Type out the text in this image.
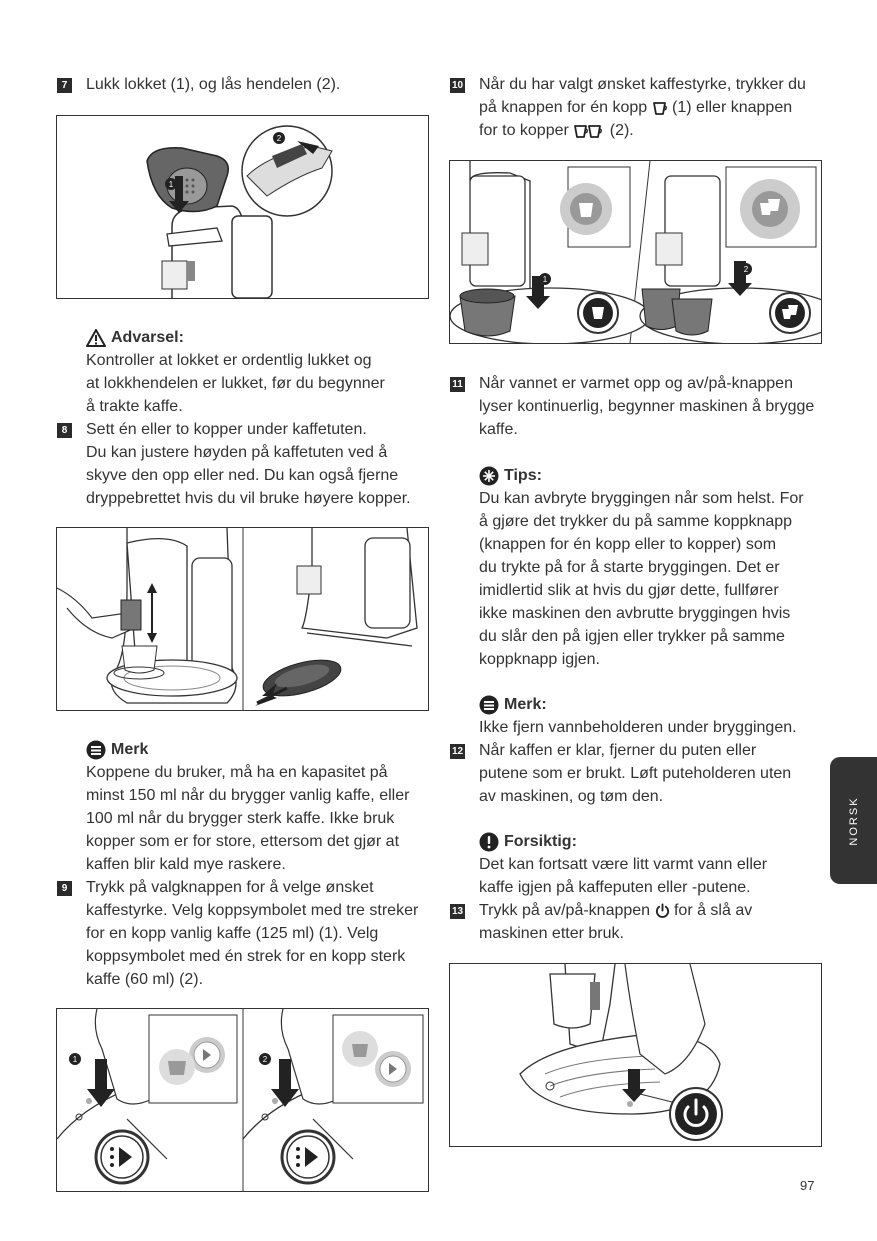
7 Lukk lokket (1), og lås hendelen (2).
1
2
Advarsel:
Kontroller at lokket er ordentlig lukket og
at lokkhendelen er lukket, før du begynner
å trakte kaffe.
8 Sett én eller to kopper under kaffetuten.
Du kan justere høyden på kaffetuten ved å
skyve den opp eller ned. Du kan også fjerne
dryppebrettet hvis du vil bruke høyere kopper.
Merk
Koppene du bruker, må ha en kapasitet på
minst 150 ml når du brygger vanlig kaffe, eller
100 ml når du brygger sterk kaffe. Ikke bruk
kopper som er for store, ettersom det gjør at
kaffen blir kald mye raskere.
9 Trykk på valgknappen for å velge ønsket
kaffestyrke. Velg koppsymbolet med tre streker
for en kopp vanlig kaffe (125 ml) (1). Velg
koppsymbolet med én strek for en kopp sterk
kaffe (60 ml) (2).
1	2
10 Når du har valgt ønsket kaffestyrke, trykker du
på knappen for én kopp (1) eller knappen
for to kopper	(2).
1
2
11 Når vannet er varmet opp og av/på-knappen
lyser kontinuerlig, begynner maskinen å brygge
kaffe.
Tips:
Du kan avbryte bryggingen når som helst. For
å gjøre det trykker du på samme koppknapp
(knappen for én kopp eller to kopper) som
du trykte på for å starte bryggingen. Det er
imidlertid slik at hvis du gjør dette, fullfører
ikke maskinen den avbrutte bryggingen hvis
du slår den på igjen eller trykker på samme
koppknapp igjen.
Merk:
Ikke fjern vannbeholderen under bryggingen.
12 Når kaffen er klar, fjerner du puten eller
putene som er brukt. Løft puteholderen uten
av maskinen, og tøm den.
Forsiktig:
Det kan fortsatt være litt varmt vann eller
kaffe igjen på kaffeputen eller -putene.
13 Trykk på av/på-knappen for å slå av
maskinen etter bruk.
NORSK
97
